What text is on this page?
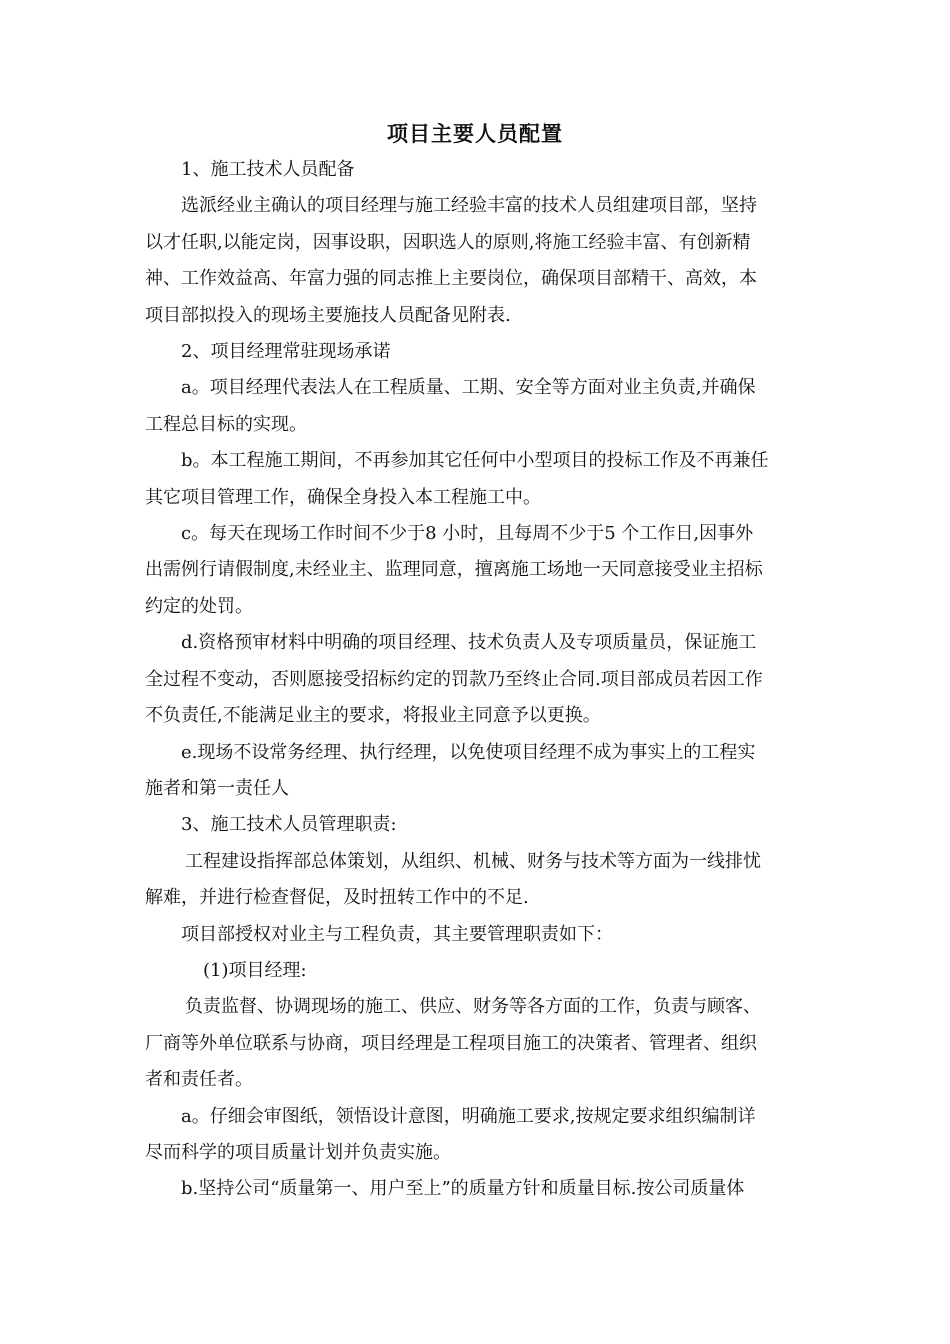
项目主要人员配置

1、施工技术人员配备

选派经业主确认的项目经理与施工经验丰富的技术人员组建项目部，坚持

以才任职,以能定岗，因事设职，因职选人的原则,将施工经验丰富、有创新精

神、工作效益高、年富力强的同志推上主要岗位，确保项目部精干、高效，本

项目部拟投入的现场主要施技人员配备见附表.

2、项目经理常驻现场承诺

a。项目经理代表法人在工程质量、工期、安全等方面对业主负责,并确保

工程总目标的实现。

b。本工程施工期间，不再参加其它任何中小型项目的投标工作及不再兼任

其它项目管理工作，确保全身投入本工程施工中。

c。每天在现场工作时间不少于8 小时，且每周不少于5 个工作日,因事外

出需例行请假制度,未经业主、监理同意，擅离施工场地一天同意接受业主招标

约定的处罚。

d.资格预审材料中明确的项目经理、技术负责人及专项质量员，保证施工

全过程不变动，否则愿接受招标约定的罚款乃至终止合同.项目部成员若因工作

不负责任,不能满足业主的要求，将报业主同意予以更换。

e.现场不设常务经理、执行经理，以免使项目经理不成为事实上的工程实

施者和第一责任人

3、施工技术人员管理职责:

工程建设指挥部总体策划，从组织、机械、财务与技术等方面为一线排忧

解难，并进行检查督促，及时扭转工作中的不足.

项目部授权对业主与工程负责，其主要管理职责如下：

(1)项目经理:

负责监督、协调现场的施工、供应、财务等各方面的工作，负责与顾客、

厂商等外单位联系与协商，项目经理是工程项目施工的决策者、管理者、组织

者和责任者。

a。仔细会审图纸，领悟设计意图，明确施工要求,按规定要求组织编制详

尽而科学的项目质量计划并负责实施。

b.坚持公司“质量第一、用户至上”的质量方针和质量目标.按公司质量体
